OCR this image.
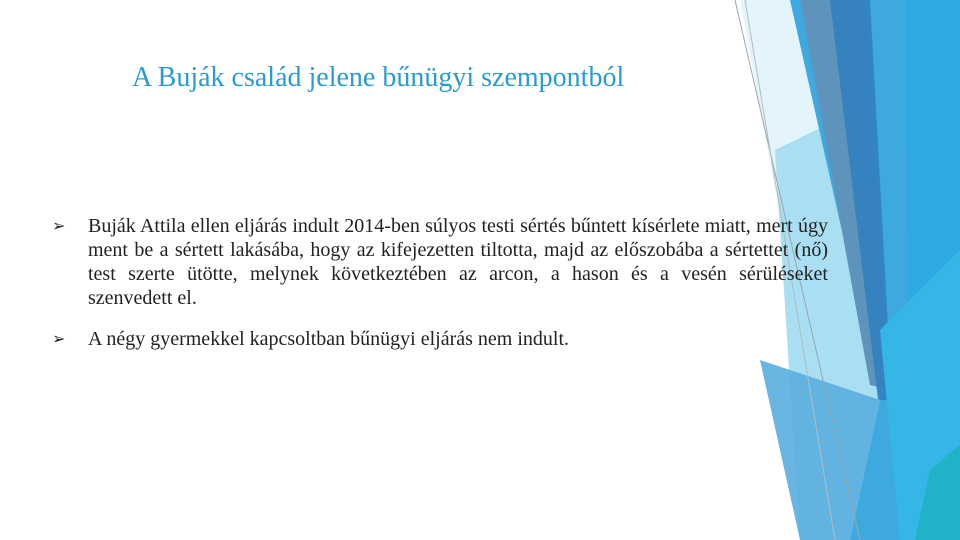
A Buják család jelene bűnügyi szempontból
➢ Buják Attila ellen eljárás indult 2014-ben súlyos testi sértés bűntett kísérlete miatt, mert úgy ment be a sértett lakásába, hogy az kifejezetten tiltotta, majd az előszobába a sértettet (nő) test szerte ütötte, melynek következtében az arcon, a hason és a vesén sérüléseket szenvedett el.
➢ A négy gyermekkel kapcsoltban bűnügyi eljárás nem indult.
